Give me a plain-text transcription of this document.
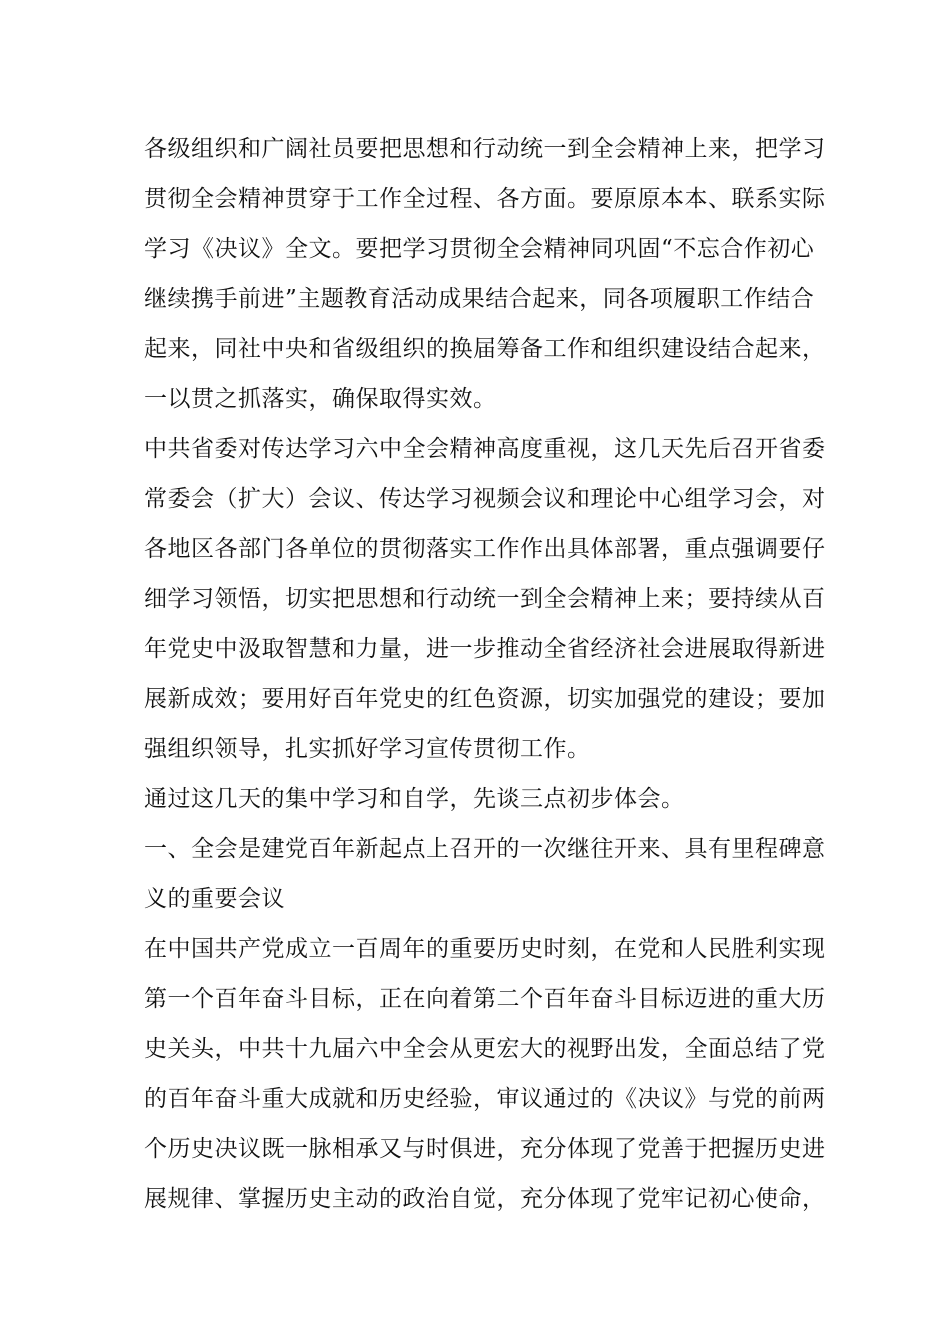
各级组织和广阔社员要把思想和行动统一到全会精神上来，把学习
贯彻全会精神贯穿于工作全过程、各方面。要原原本本、联系实际
学习《决议》全文。要把学习贯彻全会精神同巩固“不忘合作初心
继续携手前进”主题教育活动成果结合起来，同各项履职工作结合
起来，同社中央和省级组织的换届筹备工作和组织建设结合起来，
一以贯之抓落实，确保取得实效。
中共省委对传达学习六中全会精神高度重视，这几天先后召开省委
常委会（扩大）会议、传达学习视频会议和理论中心组学习会，对
各地区各部门各单位的贯彻落实工作作出具体部署，重点强调要仔
细学习领悟，切实把思想和行动统一到全会精神上来；要持续从百
年党史中汲取智慧和力量，进一步推动全省经济社会进展取得新进
展新成效；要用好百年党史的红色资源，切实加强党的建设；要加
强组织领导，扎实抓好学习宣传贯彻工作。
通过这几天的集中学习和自学，先谈三点初步体会。
一、全会是建党百年新起点上召开的一次继往开来、具有里程碑意
义的重要会议
在中国共产党成立一百周年的重要历史时刻，在党和人民胜利实现
第一个百年奋斗目标，正在向着第二个百年奋斗目标迈进的重大历
史关头，中共十九届六中全会从更宏大的视野出发，全面总结了党
的百年奋斗重大成就和历史经验，审议通过的《决议》与党的前两
个历史决议既一脉相承又与时俱进，充分体现了党善于把握历史进
展规律、掌握历史主动的政治自觉，充分体现了党牢记初心使命，
